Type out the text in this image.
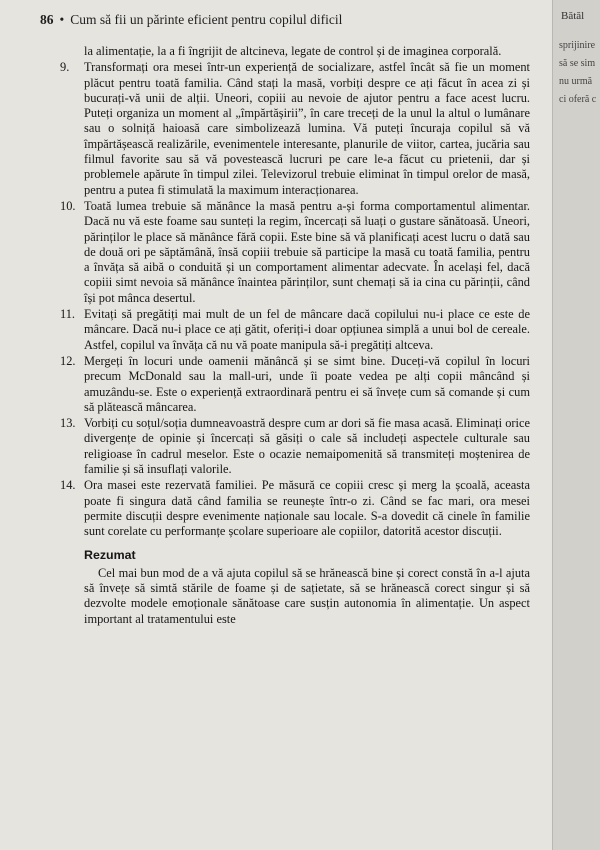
86 • Cum să fii un părinte eficient pentru copilul dificil

la alimentație, la a fi îngrijit de altcineva, legate de control și de imaginea corporală.

9. Transformați ora mesei într-un experiență de socializare, astfel încât să fie un moment plăcut pentru toată familia. Când stați la masă, vorbiți despre ce ați făcut în acea zi și bucurați-vă unii de alții. Uneori, copiii au nevoie de ajutor pentru a face acest lucru. Puteți organiza un moment al „împărtășirii”, în care treceți de la unul la altul o lumânare sau o solniță haioasă care simbolizează lumina. Vă puteți încuraja copilul să vă împărtășească realizările, evenimentele interesante, planurile de viitor, cartea, jucăria sau filmul favorite sau să vă povestească lucruri pe care le-a făcut cu prietenii, dar și problemele apărute în timpul zilei. Televizorul trebuie eliminat în timpul orelor de masă, pentru a putea fi stimulată la maximum interacționarea.
10. Toată lumea trebuie să mănânce la masă pentru a-și forma comportamentul alimentar. Dacă nu vă este foame sau sunteți la regim, încercați să luați o gustare sănătoasă. Uneori, părinților le place să mănânce fără copii. Este bine să vă planificați acest lucru o dată sau de două ori pe săptămână, însă copiii trebuie să participe la masă cu toată familia, pentru a învăța să aibă o conduită și un comportament alimentar adecvate. În același fel, dacă copiii simt nevoia să mănânce înaintea părinților, sunt chemați să ia cina cu părinții, când își pot mânca desertul.
11. Evitați să pregătiți mai mult de un fel de mâncare dacă copilului nu-i place ce este de mâncare. Dacă nu-i place ce ați gătit, oferiți-i doar opțiunea simplă a unui bol de cereale. Astfel, copilul va învăța că nu vă poate manipula să-i pregătiți altceva.
12. Mergeți în locuri unde oamenii mănâncă și se simt bine. Duceți-vă copilul în locuri precum McDonald sau la mall-uri, unde îi poate vedea pe alți copii mâncând și amuzându-se. Este o experiență extraordinară pentru ei să învețe cum să comande și cum să plătească mâncarea.
13. Vorbiți cu soțul/soția dumneavoastră despre cum ar dori să fie masa acasă. Eliminați orice divergențe de opinie și încercați să găsiți o cale să includeți aspectele culturale sau religioase în cadrul meselor. Este o ocazie nemaipomenită să transmiteți moștenirea de familie și să insuflați valorile.
14. Ora masei este rezervată familiei. Pe măsură ce copiii cresc și merg la școală, aceasta poate fi singura dată când familia se reunește într-o zi. Când se fac mari, ora mesei permite discuții despre evenimente naționale sau locale. S-a dovedit că cinele în familie sunt corelate cu performanțe școlare superioare ale copiilor, datorită acestor discuții.
Rezumat

Cel mai bun mod de a vă ajuta copilul să se hrănească bine și corect constă în a-l ajuta să învețe să simtă stările de foame și de sațietate, să se hrănească corect singur și să dezvolte modele emoționale sănătoase care susțin autonomia în alimentație. Un aspect important al tratamentului este

Bătăl
sprijinire
să se sim
nu urmă
ci oferă c
